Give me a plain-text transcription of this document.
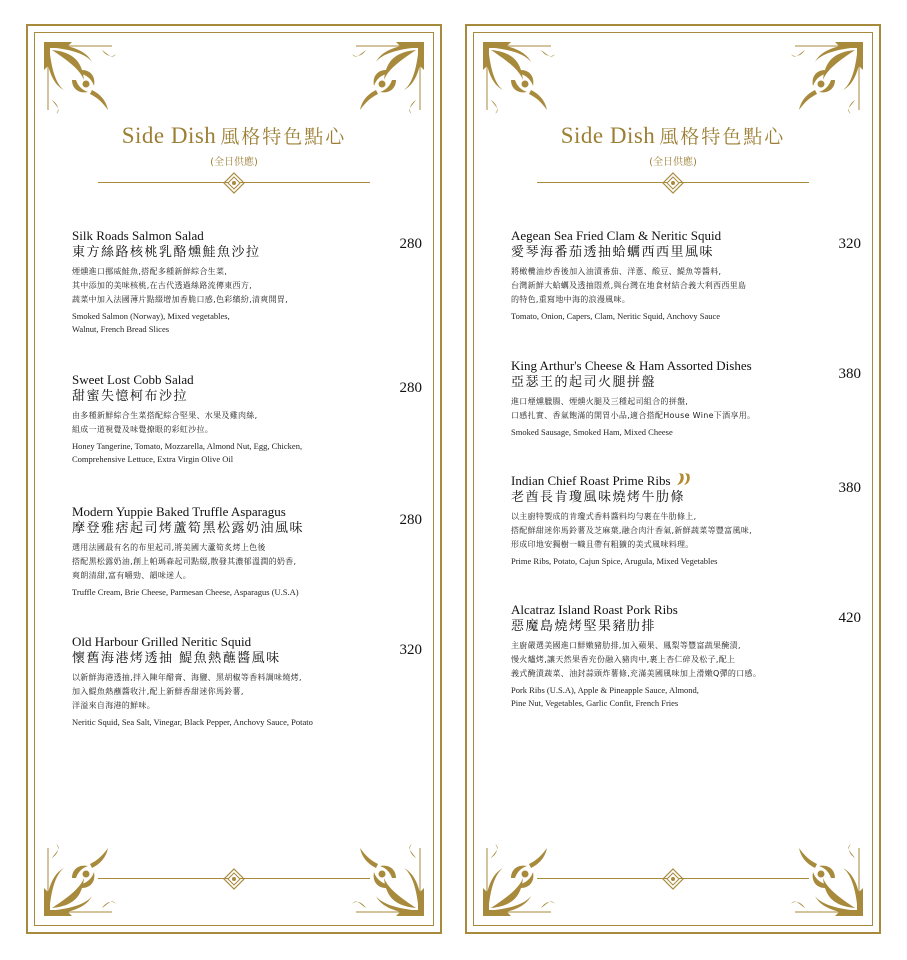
Side Dish 風格特色點心
(全日供應)
Silk Roads Salmon Salad
東方絲路核桃乳酪燻鮭魚沙拉
280
煙燻進口挪威鮭魚,搭配多種新鮮綜合生菜,
其中添加的美味核桃,在古代透過絲路流傳東西方,
蔬菜中加入法國薄片點綴增加香脆口感,色彩繽紛,清爽開胃,
Smoked Salmon (Norway), Mixed vegetables,
Walnut, French Bread Slices
Sweet Lost Cobb Salad
甜蜜失憶柯布沙拉
280
由多種新鮮綜合生菜搭配綜合堅果、水果及雞肉絲,
組成一道視覺及味覺撩眼的彩虹沙拉。
Honey Tangerine, Tomato, Mozzarella, Almond Nut, Egg, Chicken,
Comprehensive Lettuce, Extra Virgin Olive Oil
Modern Yuppie Baked Truffle Asparagus
摩登雅痞起司烤蘆筍黑松露奶油風味
280
選用法國最有名的布里起司,將美國大蘆筍炙烤上色後
搭配黑松露奶油,創上帕瑪森起司點綴,散發其濃郁溫潤的奶香,
爽朗清甜,富有嚼勁、韻味迷人。
Truffle Cream, Brie Cheese, Parmesan Cheese, Asparagus (U.S.A)
Old Harbour Grilled Neritic Squid
懷舊海港烤透抽 鯷魚熱蘸醬風味
320
以新鮮海港透抽,拌入陳年醋膏、海鹽、黑胡椒等香料調味燒烤,
加入鯷魚熱蘸醬收汁,配上新鮮香甜迷你馬鈴薯,
洋溢來自海港的鮮味。
Neritic Squid, Sea Salt, Vinegar, Black Pepper, Anchovy Sauce, Potato
Side Dish 風格特色點心
(全日供應)
Aegean Sea Fried Clam & Neritic Squid
愛琴海番茄透抽蛤蠣西西里風味
320
將橄欖油炒香後加入油漬番茄、洋蔥、酸豆、鯷魚等醬料,
台灣新鮮大蛤蠣及透抽悶煮,與台灣在地食材結合義大利西西里島
的特色,重寫地中海的浪漫風味。
Tomato, Onion, Capers, Clam, Neritic Squid, Anchovy Sauce
King Arthur's Cheese & Ham Assorted Dishes
亞瑟王的起司火腿拼盤
380
進口煙燻臘腸、煙燻火腿及三種起司組合的拼盤,
口感扎實、香氣飽滿的開胃小品,適合搭配House Wine下酒享用。
Smoked Sausage, Smoked Ham, Mixed Cheese
Indian Chief Roast Prime Ribs
老酋長肯瓊風味燒烤牛肋條
380
以主廚特製成的肯瓊式香料醬料均勻裹在牛肋條上,
搭配鮮甜迷你馬鈴薯及芝麻葉,融合肉汁香氣,新鮮蔬菜等豐富風味,
形成印地安獨樹一幟且帶有粗獷的美式風味料理。
Prime Ribs, Potato, Cajun Spice, Arugula, Mixed Vegetables
Alcatraz Island Roast Pork Ribs
惡魔島燒烤堅果豬肋排
420
主廚嚴選美國進口鮮嫩豬肋排,加入蘋果、鳳梨等豐富蔬果醃漬,
慢火爐烤,讓天然果香充份融入豬肉中,裹上杏仁碎及松子,配上
義式醃漬蔬菜、油封蒜頭炸薯條,充滿美國風味加上滑嫩Q彈的口感。
Pork Ribs (U.S.A), Apple & Pineapple Sauce, Almond,
Pine Nut, Vegetables, Garlic Confit, French Fries
